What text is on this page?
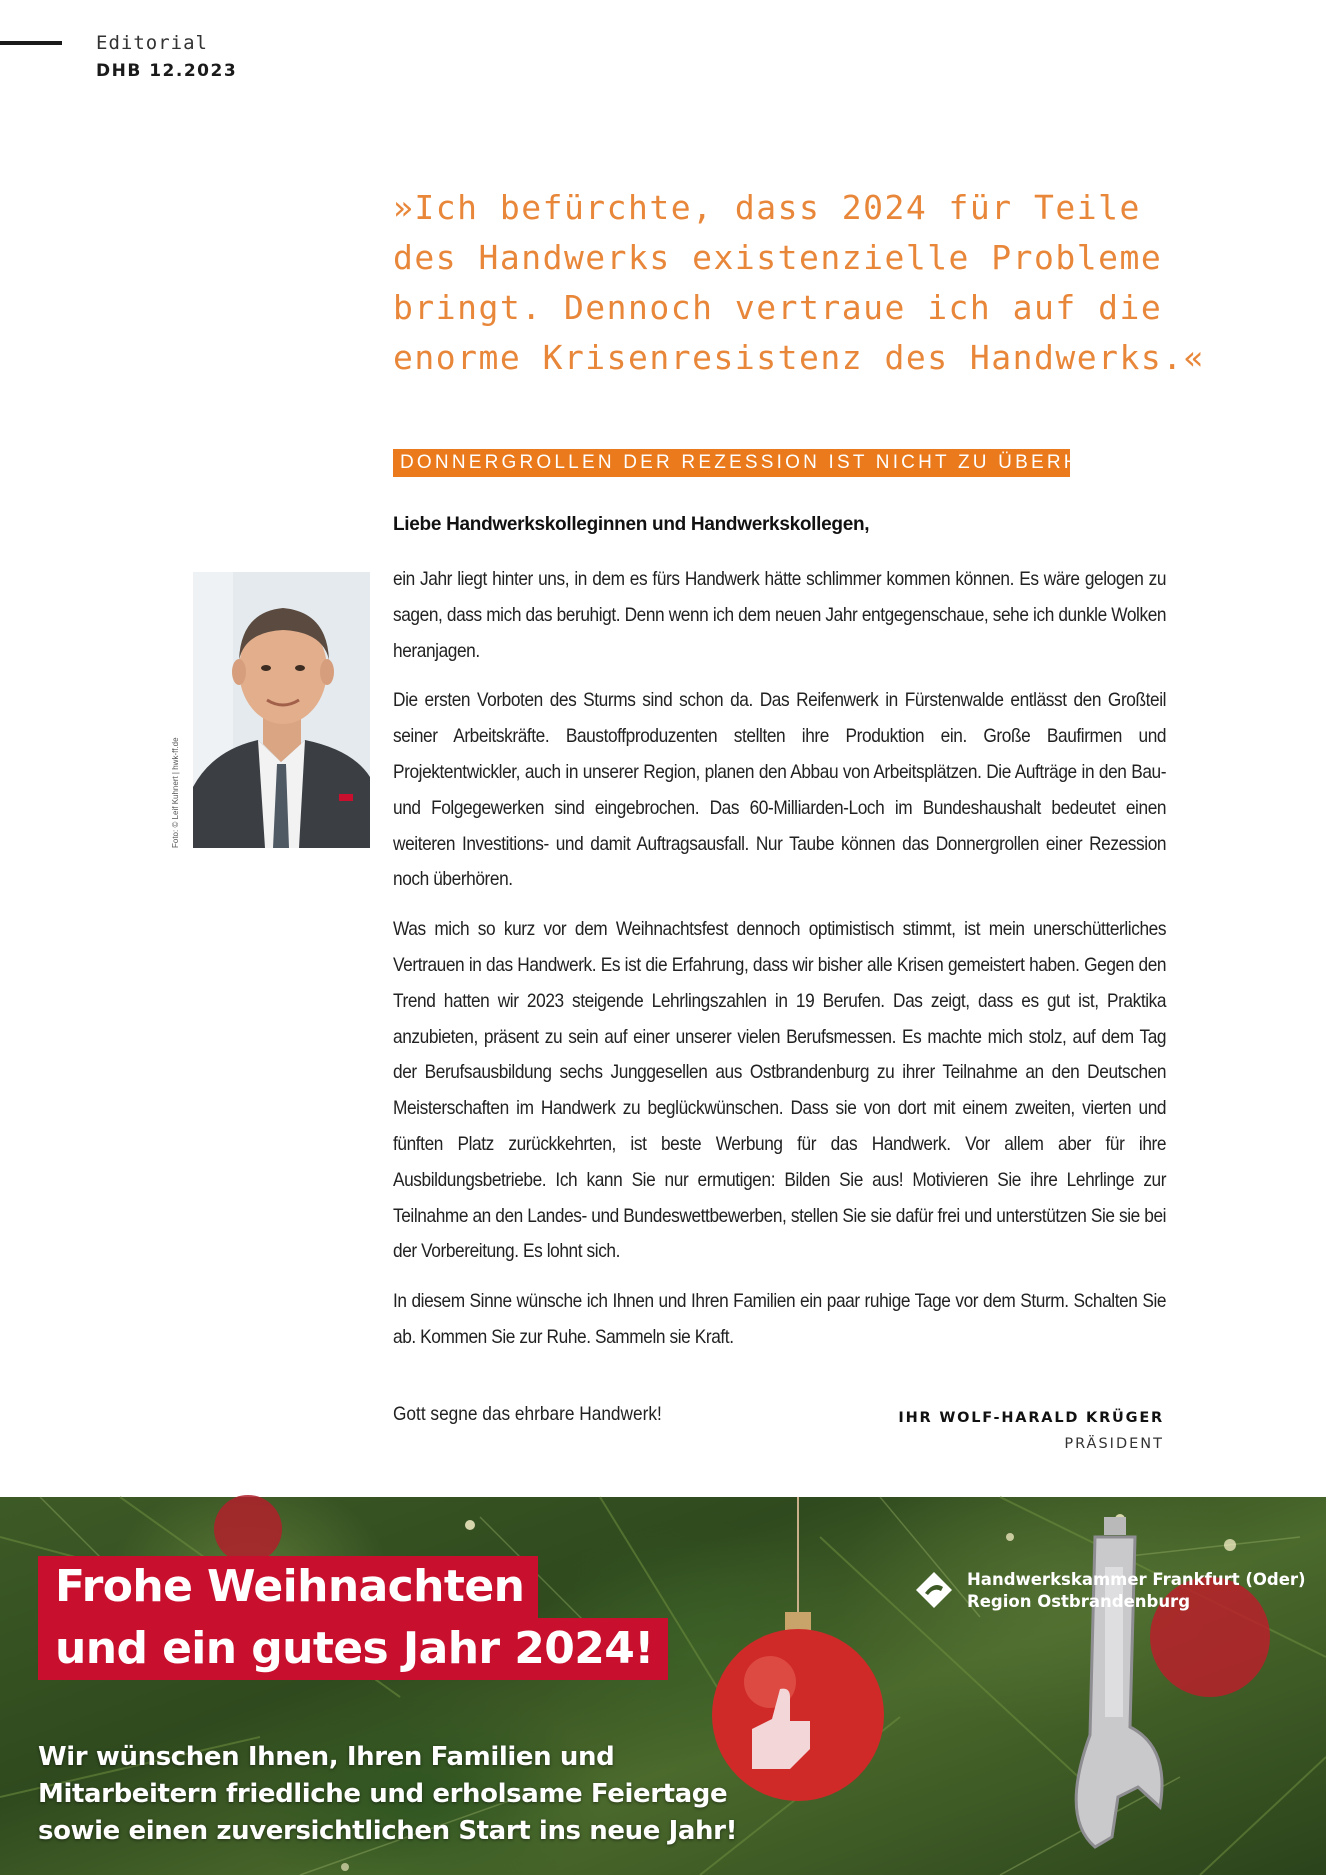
Editorial
DHB 12.2023
»Ich befürchte, dass 2024 für Teile
des Handwerks existenzielle Probleme
bringt. Dennoch vertraue ich auf die
enorme Krisenresistenz des Handwerks.«
DONNERGROLLEN DER REZESSION IST NICHT ZU ÜBERHÖREN
Liebe Handwerkskolleginnen und Handwerkskollegen,
Foto: © Leif Kuhnert | hwk-ff.de

ein Jahr liegt hinter uns, in dem es fürs Handwerk hätte schlimmer kommen können. Es wäre gelogen zu sagen, dass mich das beruhigt. Denn wenn ich dem neuen Jahr entgegenschaue, sehe ich dunkle Wolken heranjagen.

Die ersten Vorboten des Sturms sind schon da. Das Reifenwerk in Fürstenwalde entlässt den Großteil seiner Arbeitskräfte. Baustoffproduzenten stellten ihre Produktion ein. Große Baufirmen und Projektentwickler, auch in unserer Region, planen den Abbau von Arbeitsplätzen. Die Aufträge in den Bau- und Folgegewerken sind eingebrochen. Das 60-Milliarden-Loch im Bundeshaushalt bedeutet einen weiteren Investitions- und damit Auftragsausfall. Nur Taube können das Donnergrollen einer Rezession noch überhören.

Was mich so kurz vor dem Weihnachtsfest dennoch optimistisch stimmt, ist mein unerschütterliches Vertrauen in das Handwerk. Es ist die Erfahrung, dass wir bisher alle Krisen gemeistert haben. Gegen den Trend hatten wir 2023 steigende Lehrlingszahlen in 19 Berufen. Das zeigt, dass es gut ist, Praktika anzubieten, präsent zu sein auf einer unserer vielen Berufsmessen. Es machte mich stolz, auf dem Tag der Berufsausbildung sechs Junggesellen aus Ostbrandenburg zu ihrer Teilnahme an den Deutschen Meisterschaften im Handwerk zu beglückwünschen. Dass sie von dort mit einem zweiten, vierten und fünften Platz zurückkehrten, ist beste Werbung für das Handwerk. Vor allem aber für ihre Ausbildungsbetriebe. Ich kann Sie nur ermutigen: Bilden Sie aus! Motivieren Sie ihre Lehrlinge zur Teilnahme an den Landes- und Bundeswettbewerben, stellen Sie sie dafür frei und unterstützen Sie sie bei der Vorbereitung. Es lohnt sich.

In diesem Sinne wünsche ich Ihnen und Ihren Familien ein paar ruhige Tage vor dem Sturm. Schalten Sie ab. Kommen Sie zur Ruhe. Sammeln sie Kraft.

Gott segne das ehrbare Handwerk!	IHR WOLF-HARALD KRÜGER
PRÄSIDENT
Frohe Weihnachten
und ein gutes Jahr 2024!
Wir wünschen Ihnen, Ihren Familien und
Mitarbeitern friedliche und erholsame Feiertage
sowie einen zuversichtlichen Start ins neue Jahr!
Handwerkskammer Frankfurt (Oder)
Region Ostbrandenburg
